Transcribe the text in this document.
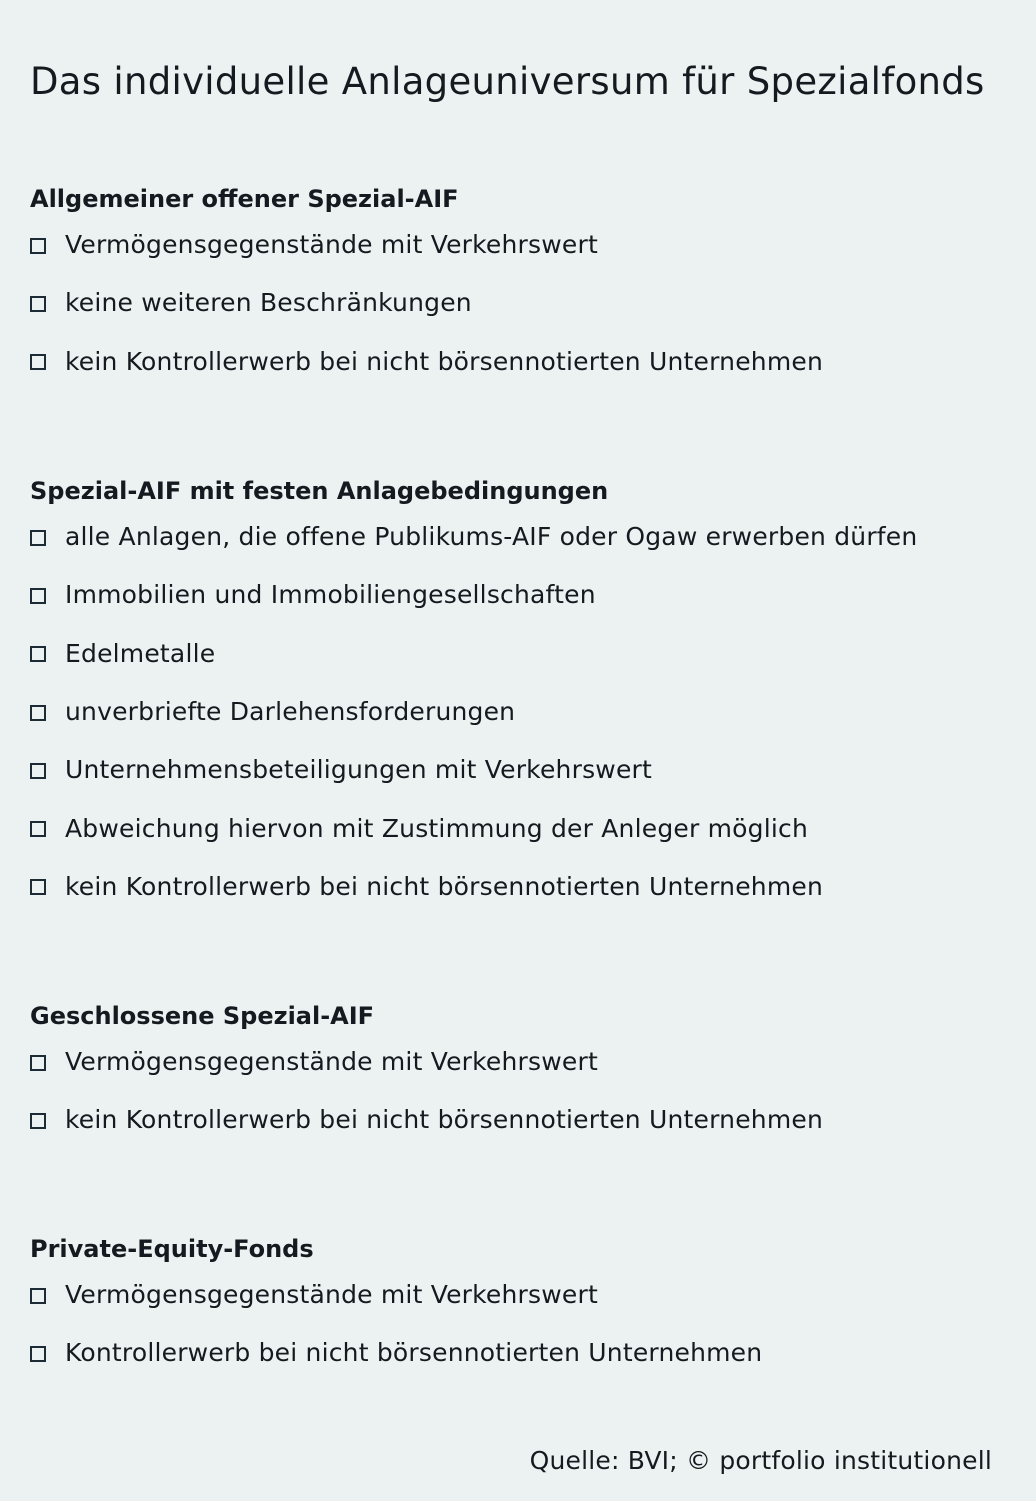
Das individuelle Anlageuniversum für Spezialfonds
Allgemeiner offener Spezial-AIF
Vermögensgegenstände mit Verkehrswert
keine weiteren Beschränkungen
kein Kontrollerwerb bei nicht börsennotierten Unternehmen
Spezial-AIF mit festen Anlagebedingungen
alle Anlagen, die offene Publikums-AIF oder Ogaw erwerben dürfen
Immobilien und Immobiliengesellschaften
Edelmetalle
unverbriefte Darlehensforderungen
Unternehmensbeteiligungen mit Verkehrswert
Abweichung hiervon mit Zustimmung der Anleger möglich
kein Kontrollerwerb bei nicht börsennotierten Unternehmen
Geschlossene Spezial-AIF
Vermögensgegenstände mit Verkehrswert
kein Kontrollerwerb bei nicht börsennotierten Unternehmen
Private-Equity-Fonds
Vermögensgegenstände mit Verkehrswert
Kontrollerwerb bei nicht börsennotierten Unternehmen
Quelle: BVI; © portfolio institutionell
